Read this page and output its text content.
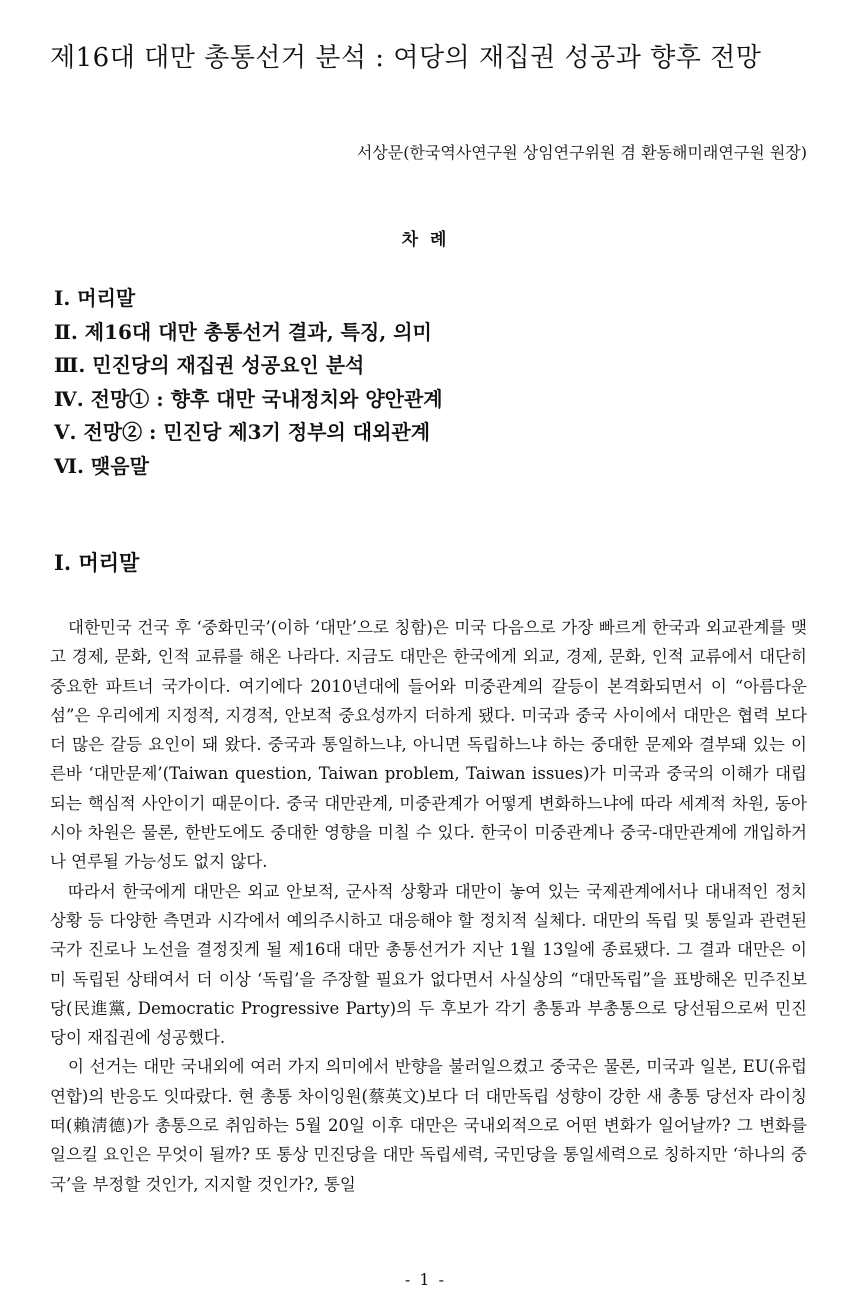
제16대 대만 총통선거 분석 : 여당의 재집권 성공과 향후 전망
서상문(한국역사연구원 상임연구위원 겸 환동해미래연구원 원장)
차 례
Ⅰ. 머리말
Ⅱ. 제16대 대만 총통선거 결과, 특징, 의미
Ⅲ. 민진당의 재집권 성공요인 분석
Ⅳ. 전망① : 향후 대만 국내정치와 양안관계
Ⅴ. 전망② : 민진당 제3기 정부의 대외관계
Ⅵ. 맺음말
Ⅰ. 머리말

대한민국 건국 후 ‘중화민국’(이하 ‘대만’으로 칭함)은 미국 다음으로 가장 빠르게 한국과 외교관계를 맺고 경제, 문화, 인적 교류를 해온 나라다. 지금도 대만은 한국에게 외교, 경제, 문화, 인적 교류에서 대단히 중요한 파트너 국가이다. 여기에다 2010년대에 들어와 미중관계의 갈등이 본격화되면서 이 “아름다운 섬”은 우리에게 지정적, 지경적, 안보적 중요성까지 더하게 됐다. 미국과 중국 사이에서 대만은 협력 보다 더 많은 갈등 요인이 돼 왔다. 중국과 통일하느냐, 아니면 독립하느냐 하는 중대한 문제와 결부돼 있는 이른바 ‘대만문제’(Taiwan question, Taiwan problem, Taiwan issues)가 미국과 중국의 이해가 대립되는 핵심적 사안이기 때문이다. 중국 대만관계, 미중관계가 어떻게 변화하느냐에 따라 세계적 차원, 동아시아 차원은 물론, 한반도에도 중대한 영향을 미칠 수 있다. 한국이 미중관계나 중국-대만관계에 개입하거나 연루될 가능성도 없지 않다.

따라서 한국에게 대만은 외교 안보적, 군사적 상황과 대만이 놓여 있는 국제관계에서나 대내적인 정치 상황 등 다양한 측면과 시각에서 예의주시하고 대응해야 할 정치적 실체다. 대만의 독립 및 통일과 관련된 국가 진로나 노선을 결정짓게 될 제16대 대만 총통선거가 지난 1월 13일에 종료됐다. 그 결과 대만은 이미 독립된 상태여서 더 이상 ‘독립’을 주장할 필요가 없다면서 사실상의 “대만독립”을 표방해온 민주진보당(民進黨, Democratic Progressive Party)의 두 후보가 각기 총통과 부총통으로 당선됨으로써 민진당이 재집권에 성공했다.

이 선거는 대만 국내외에 여러 가지 의미에서 반향을 불러일으켰고 중국은 물론, 미국과 일본, EU(유럽연합)의 반응도 잇따랐다. 현 총통 차이잉원(蔡英文)보다 더 대만독립 성향이 강한 새 총통 당선자 라이칭떠(賴淸德)가 총통으로 취임하는 5월 20일 이후 대만은 국내외적으로 어떤 변화가 일어날까? 그 변화를 일으킬 요인은 무엇이 될까? 또 통상 민진당을 대만 독립세력, 국민당을 통일세력으로 칭하지만 ‘하나의 중국’을 부정할 것인가, 지지할 것인가?, 통일

- 1 -
